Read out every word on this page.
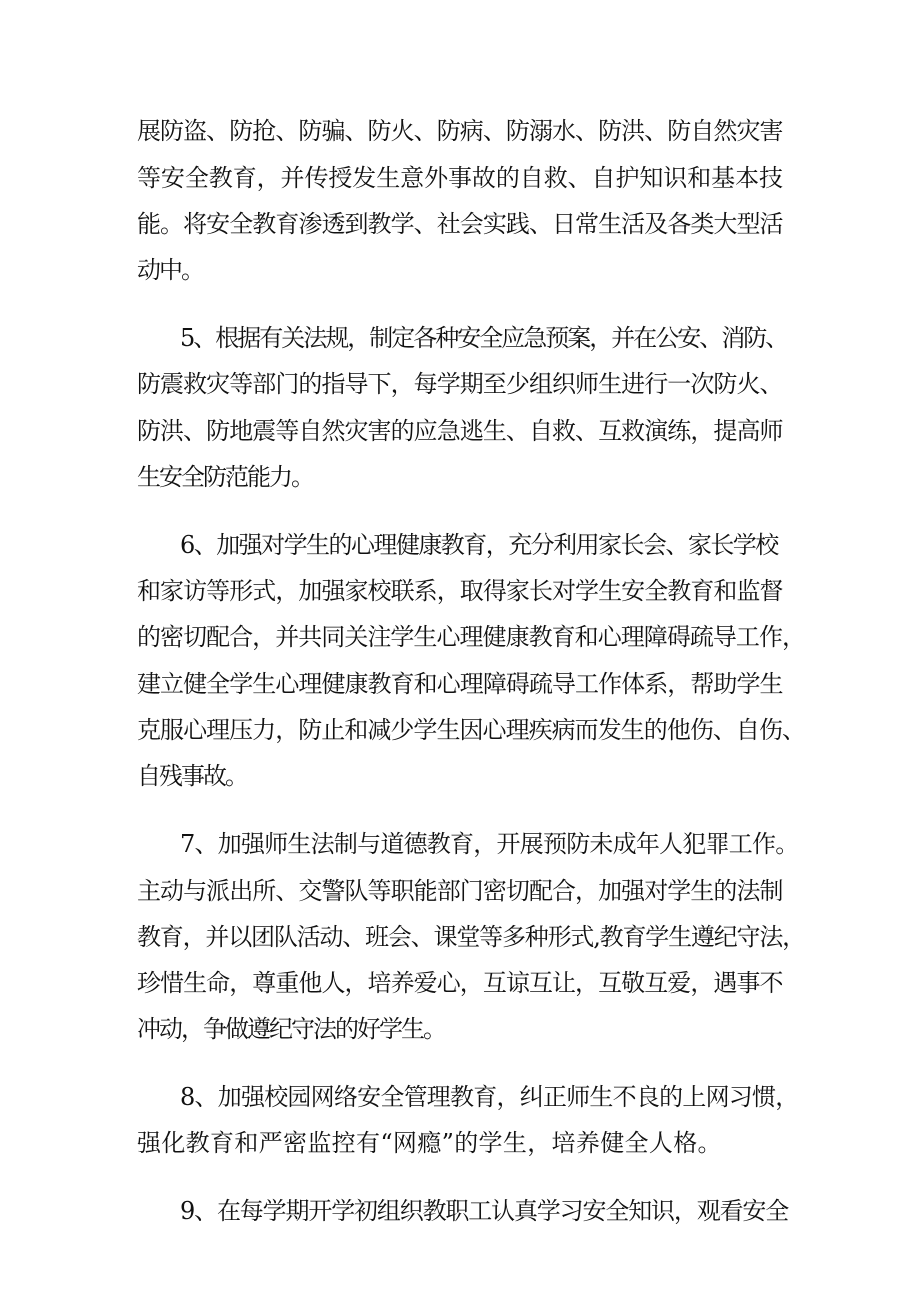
展防盗、防抢、防骗、防火、防病、防溺水、防洪、防自然灾害
等安全教育，并传授发生意外事故的自救、自护知识和基本技
能。将安全教育渗透到教学、社会实践、日常生活及各类大型活
动中。
5、根据有关法规，制定各种安全应急预案，并在公安、消防、
防震救灾等部门的指导下，每学期至少组织师生进行一次防火、
防洪、防地震等自然灾害的应急逃生、自救、互救演练，提高师
生安全防范能力。
6、加强对学生的心理健康教育，充分利用家长会、家长学校
和家访等形式，加强家校联系，取得家长对学生安全教育和监督
的密切配合，并共同关注学生心理健康教育和心理障碍疏导工作，
建立健全学生心理健康教育和心理障碍疏导工作体系，帮助学生
克服心理压力，防止和减少学生因心理疾病而发生的他伤、自伤、
自残事故。
7、加强师生法制与道德教育，开展预防未成年人犯罪工作。
主动与派出所、交警队等职能部门密切配合，加强对学生的法制
教育，并以团队活动、班会、课堂等多种形式,教育学生遵纪守法，
珍惜生命，尊重他人，培养爱心，互谅互让，互敬互爱，遇事不
冲动，争做遵纪守法的好学生。
8、加强校园网络安全管理教育，纠正师生不良的上网习惯，
强化教育和严密监控有“网瘾”的学生，培养健全人格。
9、在每学期开学初组织教职工认真学习安全知识，观看安全
